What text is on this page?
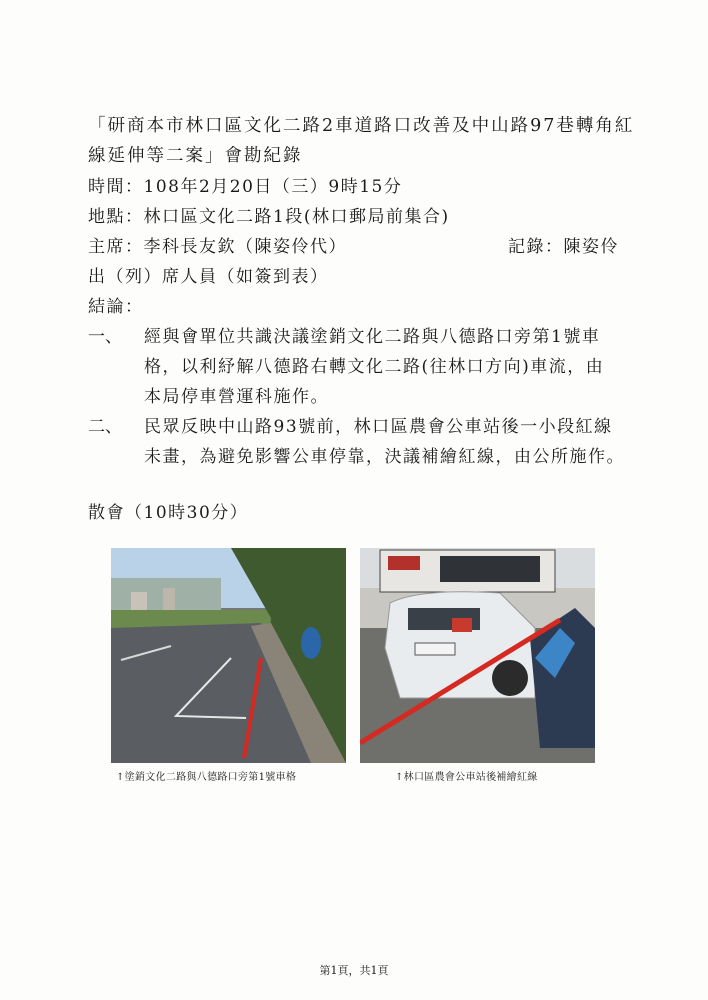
「研商本市林口區文化二路2車道路口改善及中山路97巷轉角紅
線延伸等二案」會勘紀錄
時間：108年2月20日（三）9時15分
地點：林口區文化二路1段(林口郵局前集合)
主席：李科長友欽（陳姿伶代）	記錄：陳姿伶
出（列）席人員（如簽到表）
結論：
一、 經與會單位共識決議塗銷文化二路與八德路口旁第1號車
格，以利紓解八德路右轉文化二路(往林口方向)車流，由
本局停車營運科施作。
二、 民眾反映中山路93號前，林口區農會公車站後一小段紅線
未畫，為避免影響公車停靠，決議補繪紅線，由公所施作。
散會（10時30分）
↑塗銷文化二路與八德路口旁第1號車格	↑林口區農會公車站後補繪紅線
第1頁，共1頁
